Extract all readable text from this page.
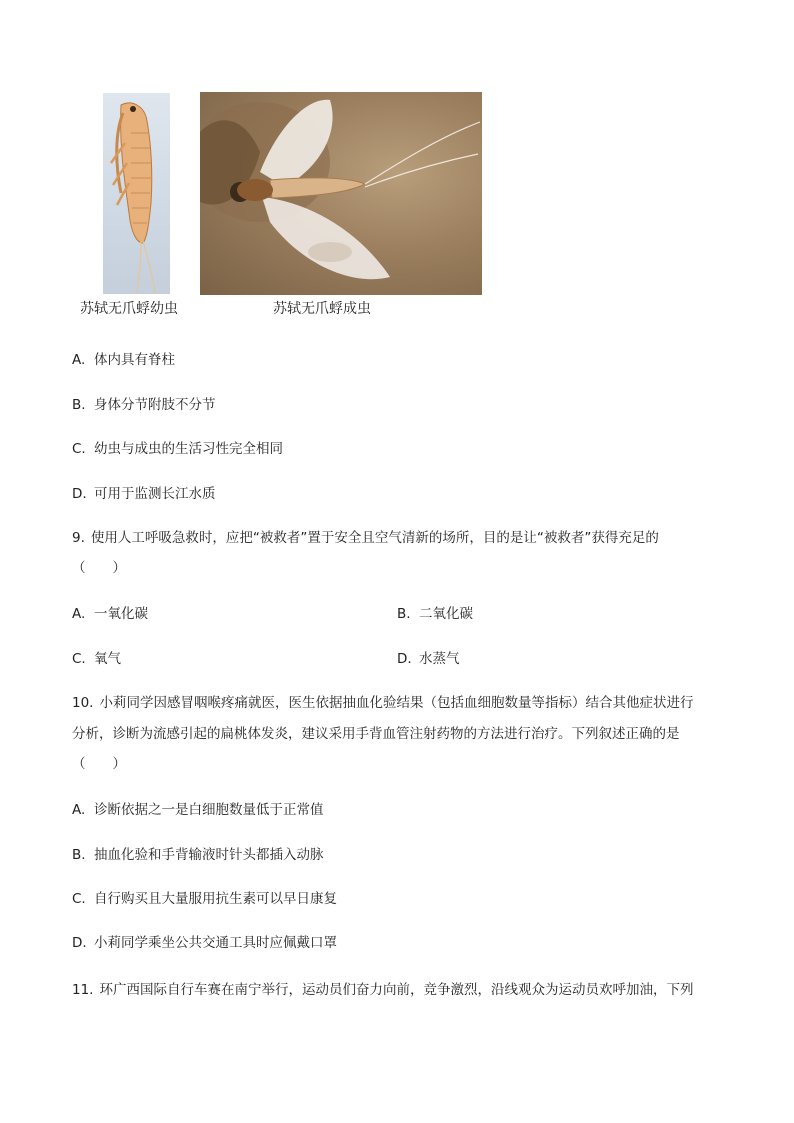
苏轼无爪蜉幼虫	苏轼无爪蜉成虫
A. 体内具有脊柱
B. 身体分节附肢不分节
C. 幼虫与成虫的生活习性完全相同
D. 可用于监测长江水质
9. 使用人工呼吸急救时，应把“被救者”置于安全且空气清新的场所，目的是让“被救者”获得充足的
（　　）
A. 一氧化碳	B. 二氧化碳
C. 氧气	D. 水蒸气
10. 小莉同学因感冒咽喉疼痛就医，医生依据抽血化验结果（包括血细胞数量等指标）结合其他症状进行
分析，诊断为流感引起的扁桃体发炎，建议采用手背血管注射药物的方法进行治疗。下列叙述正确的是
（　　）
A. 诊断依据之一是白细胞数量低于正常值
B. 抽血化验和手背输液时针头都插入动脉
C. 自行购买且大量服用抗生素可以早日康复
D. 小莉同学乘坐公共交通工具时应佩戴口罩
11. 环广西国际自行车赛在南宁举行，运动员们奋力向前，竞争激烈，沿线观众为运动员欢呼加油，下列
